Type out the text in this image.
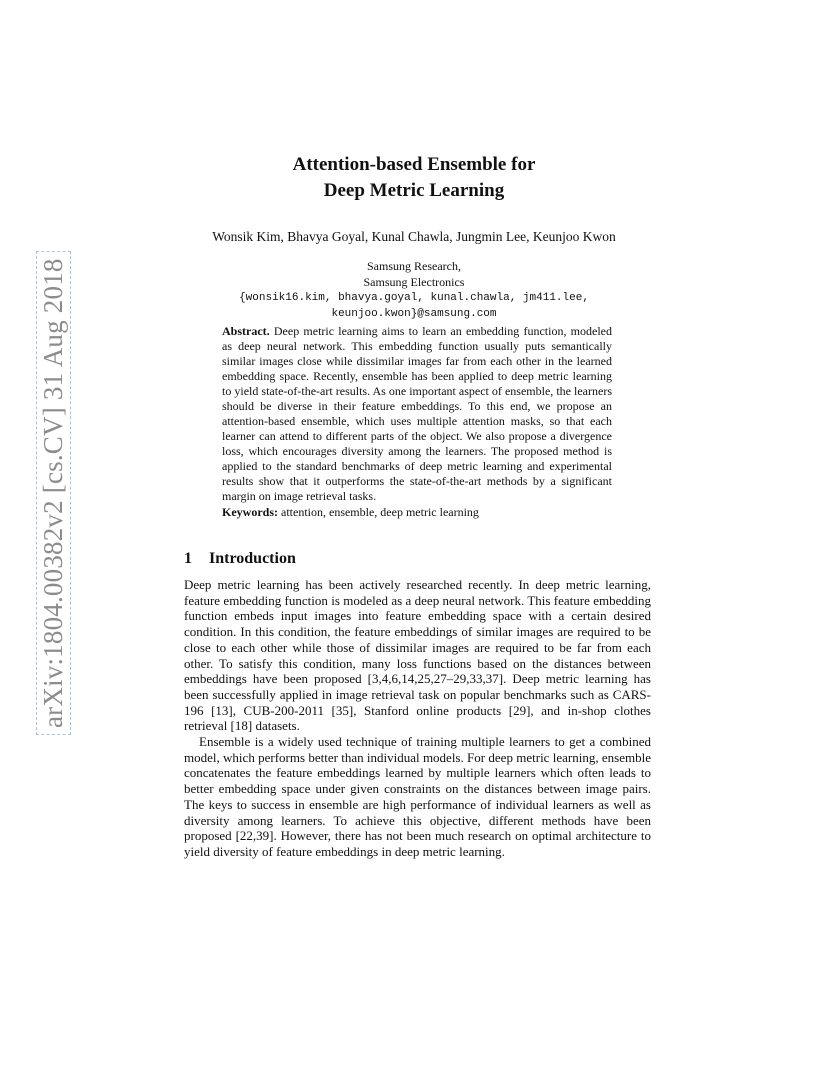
arXiv:1804.00382v2 [cs.CV] 31 Aug 2018
Attention-based Ensemble for
Deep Metric Learning
Wonsik Kim, Bhavya Goyal, Kunal Chawla, Jungmin Lee, Keunjoo Kwon
Samsung Research,
Samsung Electronics
{wonsik16.kim, bhavya.goyal, kunal.chawla, jm411.lee,
keunjoo.kwon}@samsung.com
Abstract. Deep metric learning aims to learn an embedding function, modeled as deep neural network. This embedding function usually puts semantically similar images close while dissimilar images far from each other in the learned embedding space. Recently, ensemble has been applied to deep metric learning to yield state-of-the-art results. As one important aspect of ensemble, the learners should be diverse in their feature embeddings. To this end, we propose an attention-based ensemble, which uses multiple attention masks, so that each learner can attend to different parts of the object. We also propose a divergence loss, which encourages diversity among the learners. The proposed method is applied to the standard benchmarks of deep metric learning and experimental results show that it outperforms the state-of-the-art methods by a significant margin on image retrieval tasks.
Keywords: attention, ensemble, deep metric learning
1 Introduction

Deep metric learning has been actively researched recently. In deep metric learning, feature embedding function is modeled as a deep neural network. This feature embedding function embeds input images into feature embedding space with a certain desired condition. In this condition, the feature embeddings of similar images are required to be close to each other while those of dissimilar images are required to be far from each other. To satisfy this condition, many loss functions based on the distances between embeddings have been proposed [3,4,6,14,25,27–29,33,37]. Deep metric learning has been successfully applied in image retrieval task on popular benchmarks such as CARS-196 [13], CUB-200-2011 [35], Stanford online products [29], and in-shop clothes retrieval [18] datasets.

Ensemble is a widely used technique of training multiple learners to get a combined model, which performs better than individual models. For deep metric learning, ensemble concatenates the feature embeddings learned by multiple learners which often leads to better embedding space under given constraints on the distances between image pairs. The keys to success in ensemble are high performance of individual learners as well as diversity among learners. To achieve this objective, different methods have been proposed [22,39]. However, there has not been much research on optimal architecture to yield diversity of feature embeddings in deep metric learning.
